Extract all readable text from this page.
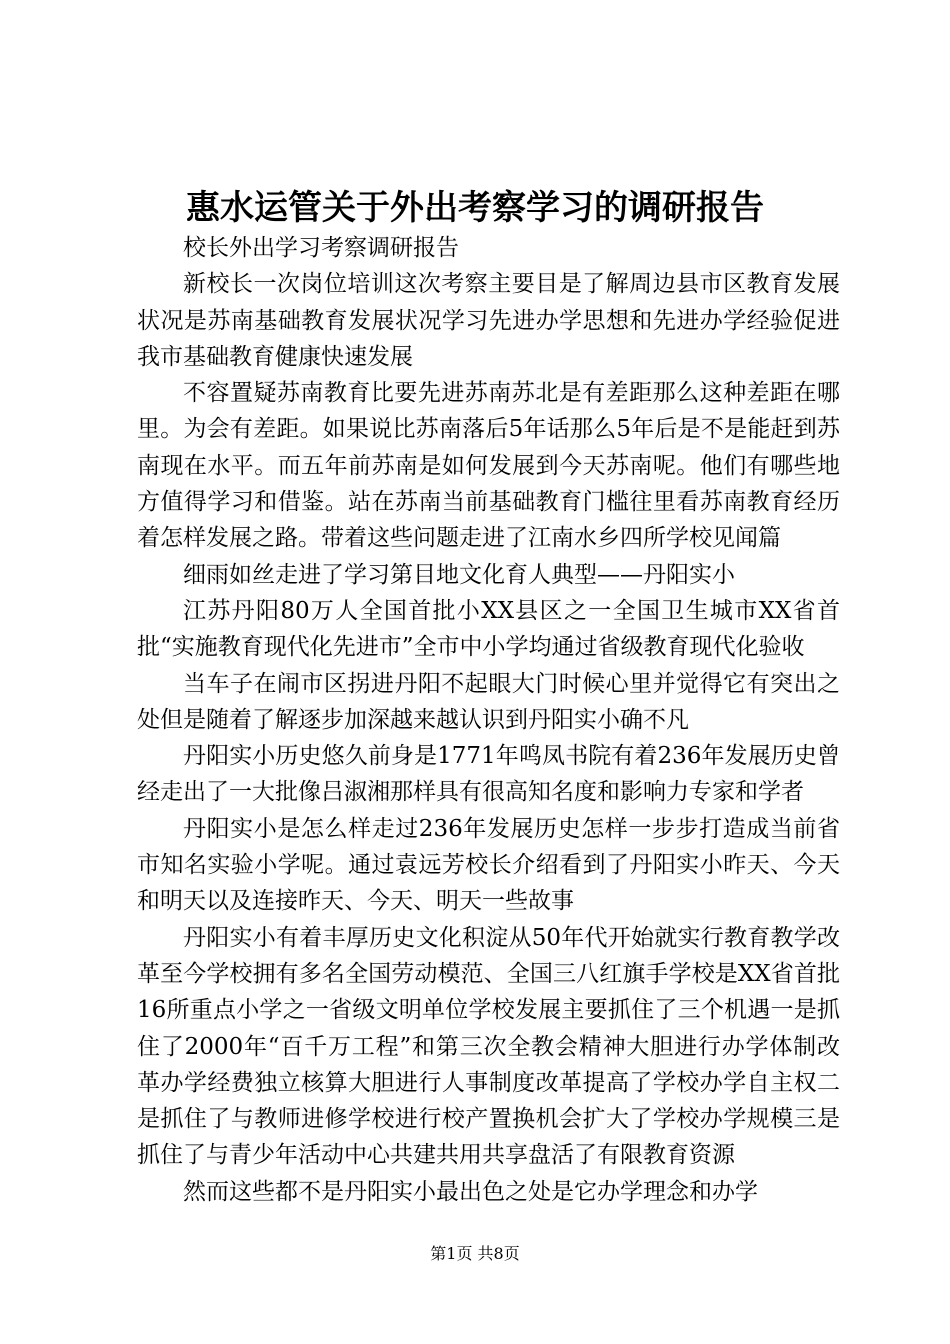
惠水运管关于外出考察学习的调研报告

校长外出学习考察调研报告

新校长一次岗位培训这次考察主要目是了解周边县市区教育发展状况是苏南基础教育发展状况学习先进办学思想和先进办学经验促进我市基础教育健康快速发展

不容置疑苏南教育比要先进苏南苏北是有差距那么这种差距在哪里。为会有差距。如果说比苏南落后5年话那么5年后是不是能赶到苏南现在水平。而五年前苏南是如何发展到今天苏南呢。他们有哪些地方值得学习和借鉴。站在苏南当前基础教育门槛往里看苏南教育经历着怎样发展之路。带着这些问题走进了江南水乡四所学校见闻篇

细雨如丝走进了学习第目地文化育人典型——丹阳实小

江苏丹阳80万人全国首批小XX县区之一全国卫生城市XX省首批“实施教育现代化先进市”全市中小学均通过省级教育现代化验收

当车子在闹市区拐进丹阳不起眼大门时候心里并觉得它有突出之处但是随着了解逐步加深越来越认识到丹阳实小确不凡

丹阳实小历史悠久前身是1771年鸣凤书院有着236年发展历史曾经走出了一大批像吕淑湘那样具有很高知名度和影响力专家和学者

丹阳实小是怎么样走过236年发展历史怎样一步步打造成当前省市知名实验小学呢。通过袁远芳校长介绍看到了丹阳实小昨天、今天和明天以及连接昨天、今天、明天一些故事

丹阳实小有着丰厚历史文化积淀从50年代开始就实行教育教学改革至今学校拥有多名全国劳动模范、全国三八红旗手学校是XX省首批16所重点小学之一省级文明单位学校发展主要抓住了三个机遇一是抓住了2000年“百千万工程”和第三次全教会精神大胆进行办学体制改革办学经费独立核算大胆进行人事制度改革提高了学校办学自主权二是抓住了与教师进修学校进行校产置换机会扩大了学校办学规模三是抓住了与青少年活动中心共建共用共享盘活了有限教育资源

然而这些都不是丹阳实小最出色之处是它办学理念和办学

第1页 共8页
